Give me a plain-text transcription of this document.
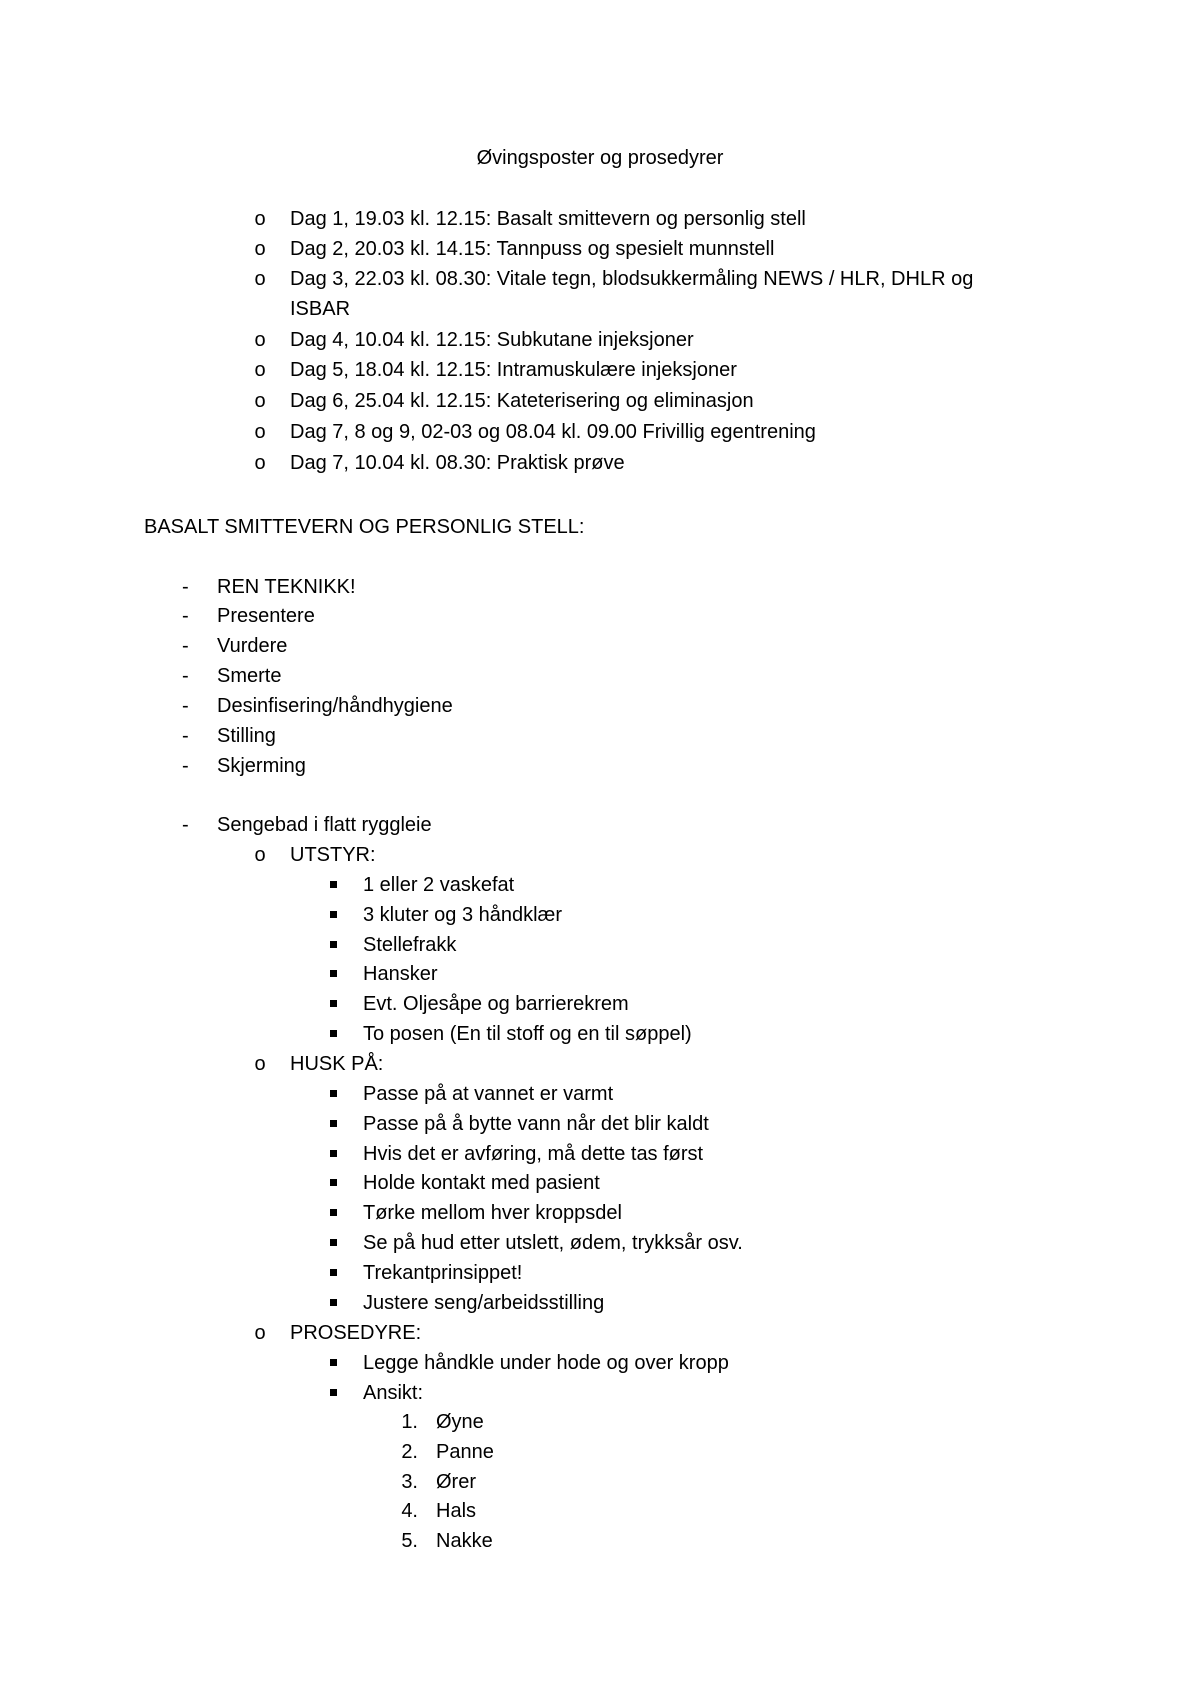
Øvingsposter og prosedyrer
o Dag 1, 19.03 kl. 12.15: Basalt smittevern og personlig stell
o Dag 2, 20.03 kl. 14.15: Tannpuss og spesielt munnstell
o Dag 3, 22.03 kl. 08.30: Vitale tegn, blodsukkermåling NEWS / HLR, DHLR og
ISBAR
o Dag 4, 10.04 kl. 12.15: Subkutane injeksjoner
o Dag 5, 18.04 kl. 12.15: Intramuskulære injeksjoner
o Dag 6, 25.04 kl. 12.15: Kateterisering og eliminasjon
o Dag 7, 8 og 9, 02-03 og 08.04 kl. 09.00 Frivillig egentrening
o Dag 7, 10.04 kl. 08.30: Praktisk prøve
BASALT SMITTEVERN OG PERSONLIG STELL:
- REN TEKNIKK!
- Presentere
- Vurdere
- Smerte
- Desinfisering/håndhygiene
- Stilling
- Skjerming
- Sengebad i flatt ryggleie
o UTSTYR:
1 eller 2 vaskefat
3 kluter og 3 håndklær
Stellefrakk
Hansker
Evt. Oljesåpe og barrierekrem
To posen (En til stoff og en til søppel)
o HUSK PÅ:
Passe på at vannet er varmt
Passe på å bytte vann når det blir kaldt
Hvis det er avføring, må dette tas først
Holde kontakt med pasient
Tørke mellom hver kroppsdel
Se på hud etter utslett, ødem, trykksår osv.
Trekantprinsippet!
Justere seng/arbeidsstilling
o PROSEDYRE:
Legge håndkle under hode og over kropp
Ansikt:
1. Øyne
2. Panne
3. Ører
4. Hals
5. Nakke
